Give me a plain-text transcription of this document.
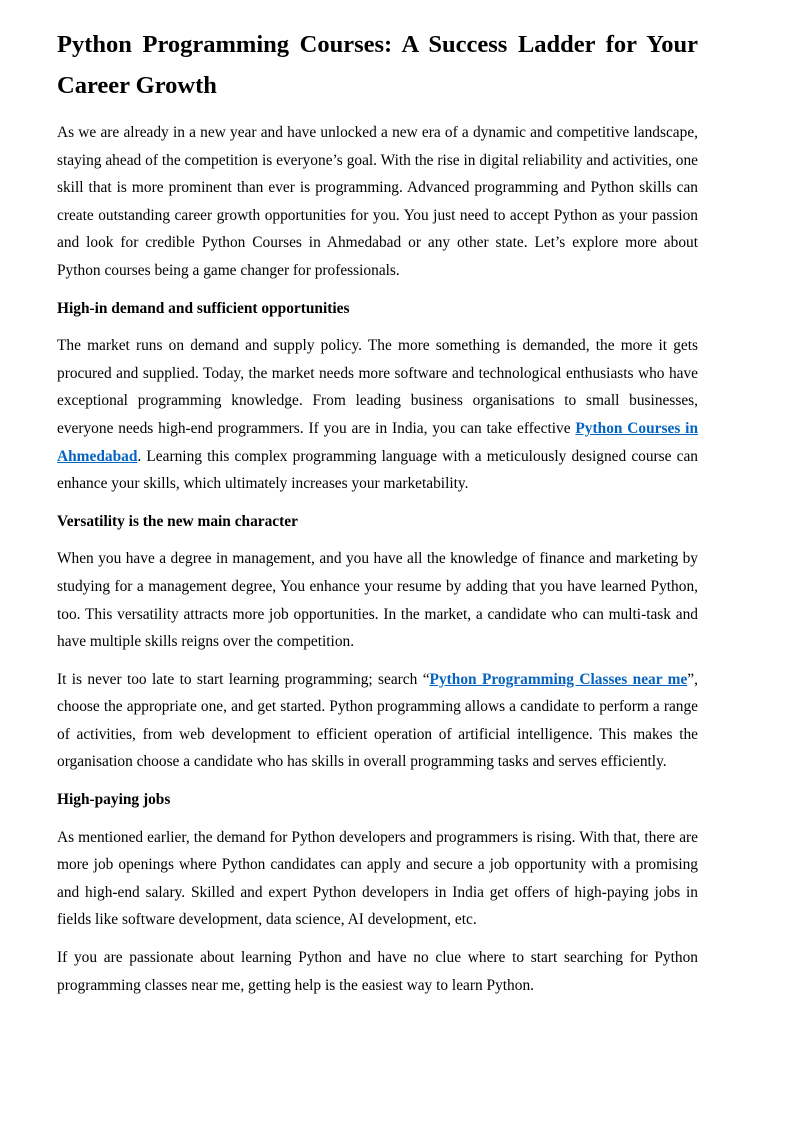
Python Programming Courses: A Success Ladder for Your Career Growth

As we are already in a new year and have unlocked a new era of a dynamic and competitive landscape, staying ahead of the competition is everyone’s goal. With the rise in digital reliability and activities, one skill that is more prominent than ever is programming. Advanced programming and Python skills can create outstanding career growth opportunities for you. You just need to accept Python as your passion and look for credible Python Courses in Ahmedabad or any other state. Let’s explore more about Python courses being a game changer for professionals.

High-in demand and sufficient opportunities

The market runs on demand and supply policy. The more something is demanded, the more it gets procured and supplied. Today, the market needs more software and technological enthusiasts who have exceptional programming knowledge. From leading business organisations to small businesses, everyone needs high-end programmers. If you are in India, you can take effective Python Courses in Ahmedabad. Learning this complex programming language with a meticulously designed course can enhance your skills, which ultimately increases your marketability.

Versatility is the new main character

When you have a degree in management, and you have all the knowledge of finance and marketing by studying for a management degree, You enhance your resume by adding that you have learned Python, too. This versatility attracts more job opportunities. In the market, a candidate who can multi-task and have multiple skills reigns over the competition.

It is never too late to start learning programming; search “Python Programming Classes near me”, choose the appropriate one, and get started. Python programming allows a candidate to perform a range of activities, from web development to efficient operation of artificial intelligence. This makes the organisation choose a candidate who has skills in overall programming tasks and serves efficiently.

High-paying jobs

As mentioned earlier, the demand for Python developers and programmers is rising. With that, there are more job openings where Python candidates can apply and secure a job opportunity with a promising and high-end salary. Skilled and expert Python developers in India get offers of high-paying jobs in fields like software development, data science, AI development, etc.

If you are passionate about learning Python and have no clue where to start searching for Python programming classes near me, getting help is the easiest way to learn Python.
